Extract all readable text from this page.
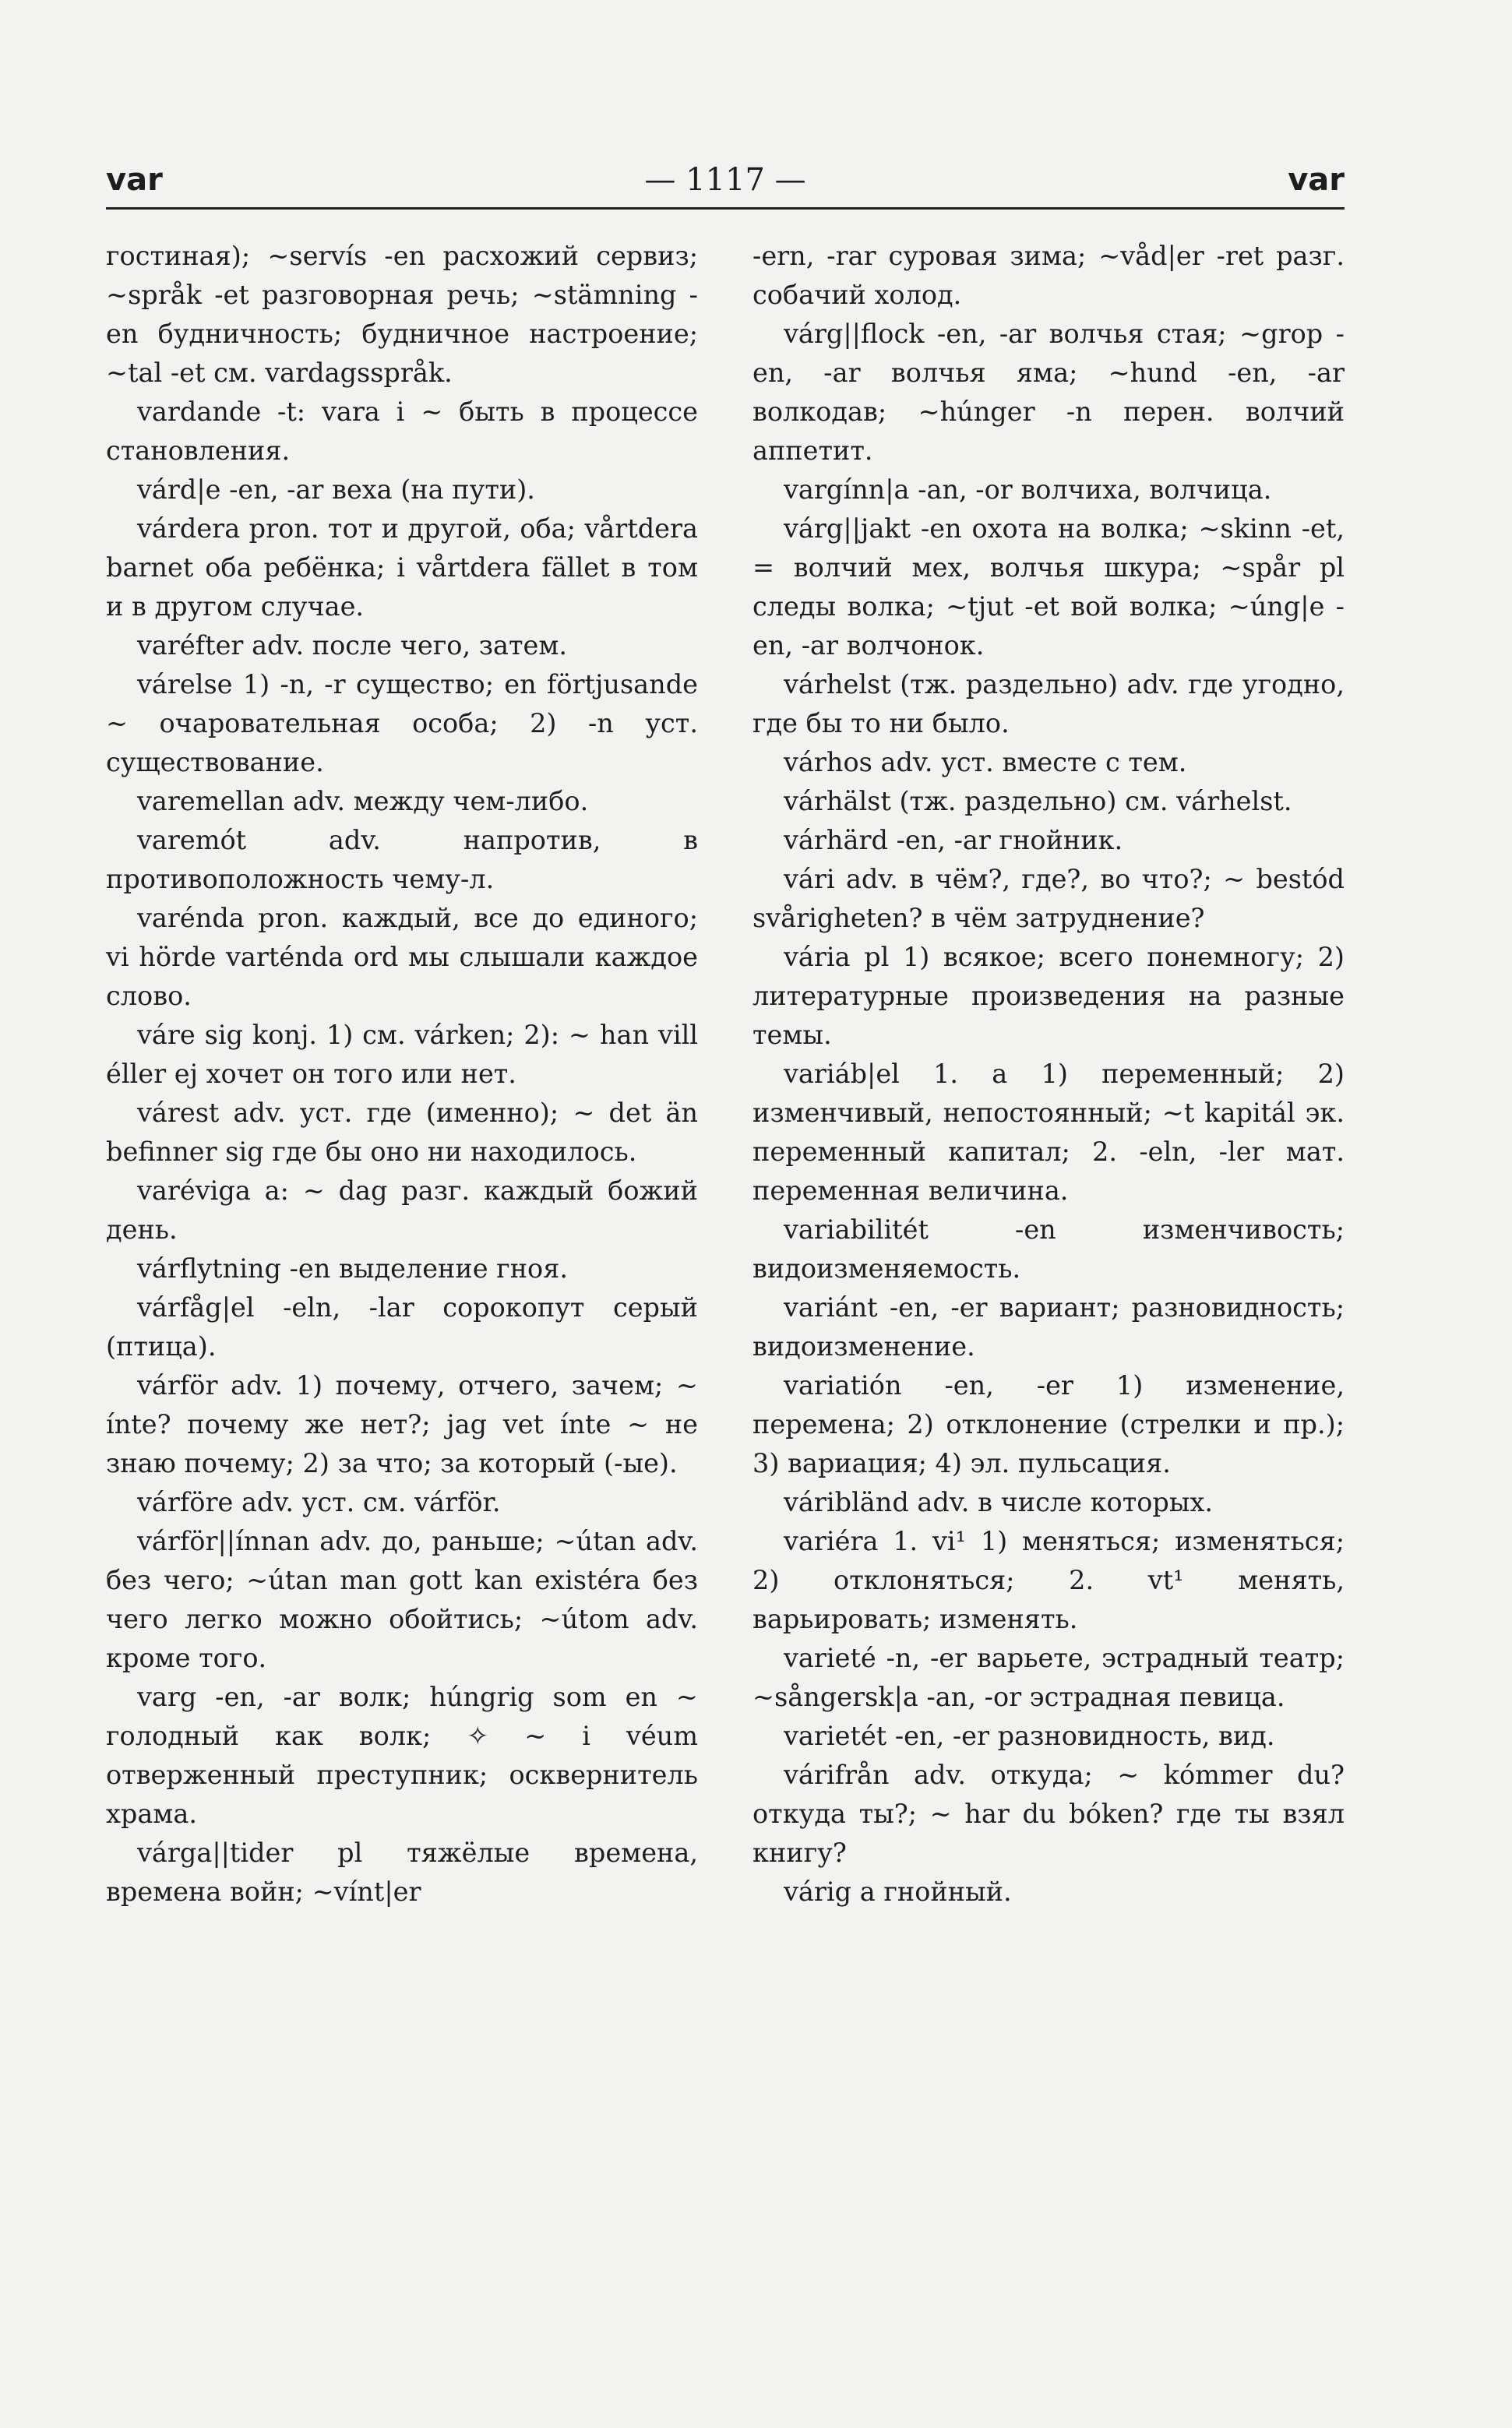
— 1117 —
var	var

гостиная); ~servís -en расхожий сервиз; ~språk -et разговорная речь; ~stämning -en будничность; будничное настроение; ~tal -et см. vardagsspråk.

vardande -t: vara i ~ быть в процессе становления.

várd|e -en, -ar веха (на пути).

várdera pron. тот и другой, оба; vårtdera barnet оба ребёнка; i vårtdera fället в том и в другом случае.

varéfter adv. после чего, затем.

várelse 1) -n, -r существо; en förtjusande ~ очаровательная особа; 2) -n уст. существование.

varemellan adv. между чем-либо.

varemót adv. напротив, в противоположность чему-л.

varénda pron. каждый, все до единого; vi hörde varténda ord мы слышали каждое слово.

váre sig konj. 1) см. várken; 2): ~ han vill éller ej хочет он того или нет.

várest adv. уст. где (именно); ~ det än befinner sig где бы оно ни находилось.

varéviga a: ~ dag разг. каждый божий день.

várflytning -en выделение гноя.

várfåg|el -eln, -lar сорокопут серый (птица).

várför adv. 1) почему, отчего, зачем; ~ ínte? почему же нет?; jag vet ínte ~ не знаю почему; 2) за что; за который (-ые).

várföre adv. уст. см. várför.

várför||ínnan adv. до, раньше; ~útan adv. без чего; ~útan man gott kan existéra без чего легко можно обойтись; ~útom adv. кроме того.

varg -en, -ar волк; húngrig som en ~ голодный как волк; ✧ ~ i véum отверженный преступник; осквернитель храма.

várga||tider pl тяжёлые времена, времена войн; ~vínt|er

-ern, -rar суровая зима; ~våd|er -ret разг. собачий холод.

várg||flock -en, -ar волчья стая; ~grop -en, -ar волчья яма; ~hund -en, -ar волкодав; ~húnger -n перен. волчий аппетит.

vargínn|a -an, -or волчиха, волчица.

várg||jakt -en охота на волка; ~skinn -et, = волчий мех, волчья шкура; ~spår pl следы волка; ~tjut -et вой волка; ~úng|e -en, -ar волчонок.

várhelst (тж. раздельно) adv. где угодно, где бы то ни было.

várhos adv. уст. вместе с тем.

várhälst (тж. раздельно) см. várhelst.

várhärd -en, -ar гнойник.

vári adv. в чём?, где?, во что?; ~ bestód svårigheten? в чём затруднение?

vária pl 1) всякое; всего понемногу; 2) литературные произведения на разные темы.

variáb|el 1. a 1) переменный; 2) изменчивый, непостоянный; ~t kapitál эк. переменный капитал; 2. -eln, -ler мат. переменная величина.

variabilitét -en изменчивость; видоизменяемость.

variánt -en, -er вариант; разновидность; видоизменение.

variatión -en, -er 1) изменение, перемена; 2) отклонение (стрелки и пр.); 3) вариация; 4) эл. пульсация.

váribländ adv. в числе которых.

variéra 1. vi¹ 1) меняться; изменяться; 2) отклоняться; 2. vt¹ менять, варьировать; изменять.

varieté -n, -er варьете, эстрадный театр; ~sångersk|a -an, -or эстрадная певица.

varietét -en, -er разновидность, вид.

várifrån adv. откуда; ~ kómmer du? откуда ты?; ~ har du bóken? где ты взял книгу?

várig a гнойный.
